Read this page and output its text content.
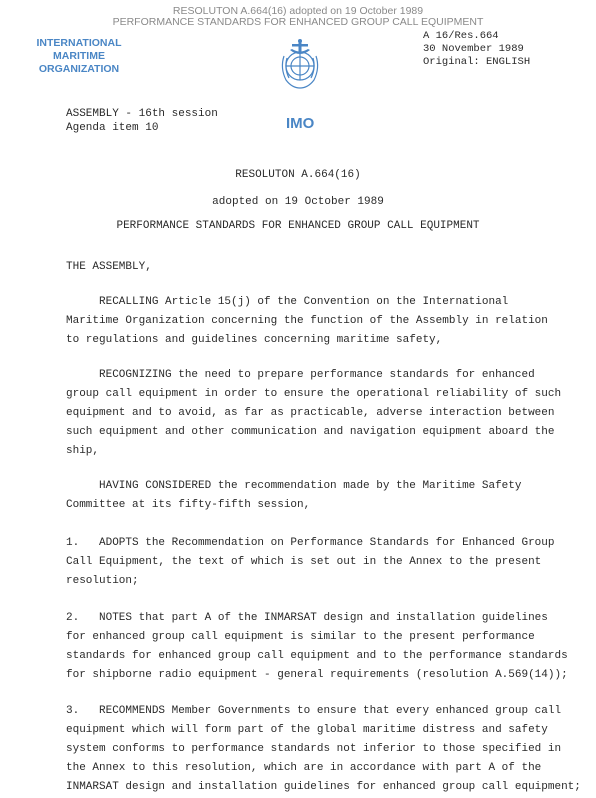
RESOLUTON A.664(16) adopted on 19 October 1989
PERFORMANCE STANDARDS FOR ENHANCED GROUP CALL EQUIPMENT
INTERNATIONAL MARITIME
ORGANIZATION
A 16/Res.664
30 November 1989
Original: ENGLISH
ASSEMBLY - 16th session
Agenda item 10	IMO
RESOLUTON A.664(16)
adopted on 19 October 1989
PERFORMANCE STANDARDS FOR ENHANCED GROUP CALL EQUIPMENT
THE ASSEMBLY,
RECALLING Article 15(j) of the Convention on the International
Maritime Organization concerning the function of the Assembly in relation
to regulations and guidelines concerning maritime safety,
RECOGNIZING the need to prepare performance standards for enhanced
group call equipment in order to ensure the operational reliability of such
equipment and to avoid, as far as practicable, adverse interaction between
such equipment and other communication and navigation equipment aboard the
ship,
HAVING CONSIDERED the recommendation made by the Maritime Safety
Committee at its fifty-fifth session,
1.   ADOPTS the Recommendation on Performance Standards for Enhanced Group
Call Equipment, the text of which is set out in the Annex to the present
resolution;
2.   NOTES that part A of the INMARSAT design and installation guidelines
for enhanced group call equipment is similar to the present performance
standards for enhanced group call equipment and to the performance standards
for shipborne radio equipment - general requirements (resolution A.569(14));
3.   RECOMMENDS Member Governments to ensure that every enhanced group call
equipment which will form part of the global maritime distress and safety
system conforms to performance standards not inferior to those specified in
the Annex to this resolution, which are in accordance with part A of the
INMARSAT design and installation guidelines for enhanced group call equipment;
